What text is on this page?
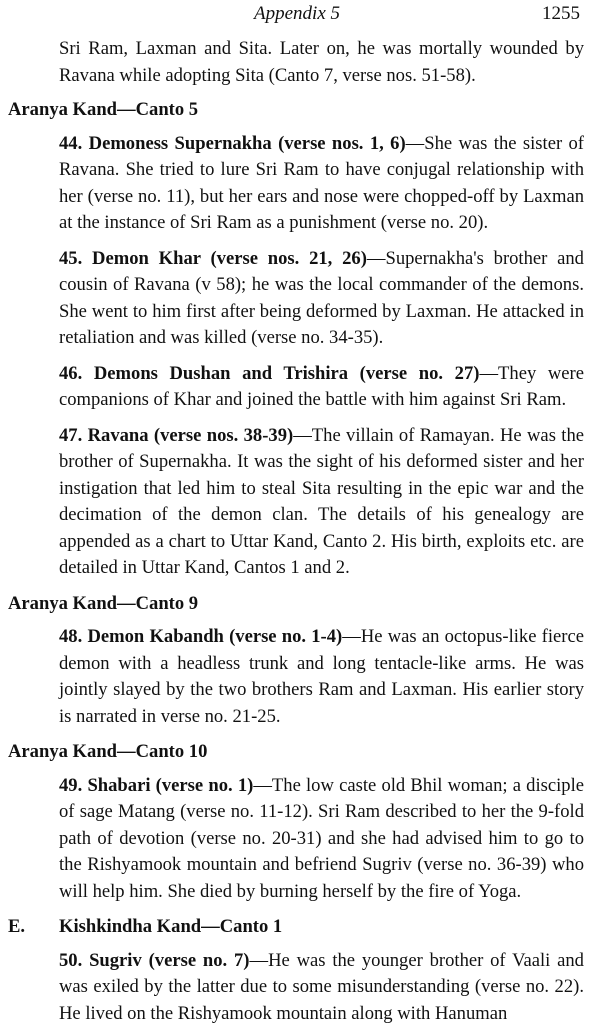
Appendix 5	1255

Sri Ram, Laxman and Sita. Later on, he was mortally wounded by Ravana while adopting Sita (Canto 7, verse nos. 51-58).

Aranya Kand—Canto 5

44. Demoness Supernakha (verse nos. 1, 6)—She was the sister of Ravana. She tried to lure Sri Ram to have conjugal relationship with her (verse no. 11), but her ears and nose were chopped-off by Laxman at the instance of Sri Ram as a punishment (verse no. 20).

45. Demon Khar (verse nos. 21, 26)—Supernakha's brother and cousin of Ravana (v 58); he was the local commander of the demons. She went to him first after being deformed by Laxman. He attacked in retaliation and was killed (verse no. 34-35).

46. Demons Dushan and Trishira (verse no. 27)—They were companions of Khar and joined the battle with him against Sri Ram.

47. Ravana (verse nos. 38-39)—The villain of Ramayan. He was the brother of Supernakha. It was the sight of his deformed sister and her instigation that led him to steal Sita resulting in the epic war and the decimation of the demon clan. The details of his genealogy are appended as a chart to Uttar Kand, Canto 2. His birth, exploits etc. are detailed in Uttar Kand, Cantos 1 and 2.

Aranya Kand—Canto 9

48. Demon Kabandh (verse no. 1-4)—He was an octopus-like fierce demon with a headless trunk and long tentacle-like arms. He was jointly slayed by the two brothers Ram and Laxman. His earlier story is narrated in verse no. 21-25.

Aranya Kand—Canto 10

49. Shabari (verse no. 1)—The low caste old Bhil woman; a disciple of sage Matang (verse no. 11-12). Sri Ram described to her the 9-fold path of devotion (verse no. 20-31) and she had advised him to go to the Rishyamook mountain and befriend Sugriv (verse no. 36-39) who will help him. She died by burning herself by the fire of Yoga.

E. Kishkindha Kand—Canto 1

50. Sugriv (verse no. 7)—He was the younger brother of Vaali and was exiled by the latter due to some misunderstanding (verse no. 22). He lived on the Rishyamook mountain along with Hanuman
